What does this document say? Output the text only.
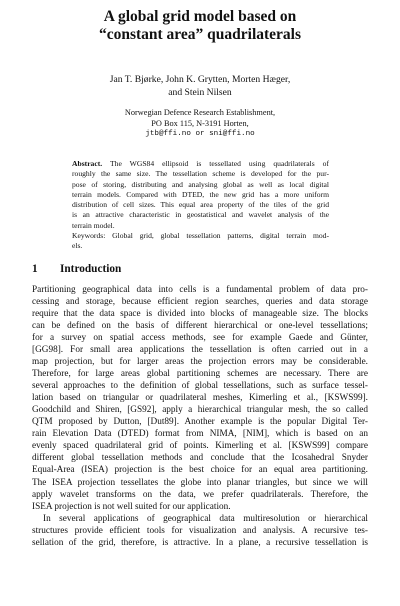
A global grid model based on
“constant area” quadrilaterals
Jan T. Bjørke, John K. Grytten, Morten Hæger,
and Stein Nilsen
Norwegian Defence Research Establishment,
PO Box 115, N-3191 Horten,
jtb@ffi.no or sni@ffi.no

Abstract. The WGS84 ellipsoid is tessellated using quadrilaterals of
roughly the same size. The tessellation scheme is developed for the pur-
pose of storing, distributing and analysing global as well as local digital
terrain models. Compared with DTED, the new grid has a more uniform
distribution of cell sizes. This equal area property of the tiles of the grid
is an attractive characteristic in geostatistical and wavelet analysis of the
terrain model.
Keywords: Global grid, global tessellation patterns, digital terrain mod-
els.

1 Introduction

Partitioning geographical data into cells is a fundamental problem of data pro-
cessing and storage, because efficient region searches, queries and data storage
require that the data space is divided into blocks of manageable size. The blocks
can be defined on the basis of different hierarchical or one-level tessellations;
for a survey on spatial access methods, see for example Gaede and Günter,
[GG98]. For small area applications the tessellation is often carried out in a
map projection, but for larger areas the projection errors may be considerable.
Therefore, for large areas global partitioning schemes are necessary. There are
several approaches to the definition of global tessellations, such as surface tessel-
lation based on triangular or quadrilateral meshes, Kimerling et al., [KSWS99].
Goodchild and Shiren, [GS92], apply a hierarchical triangular mesh, the so called
QTM proposed by Dutton, [Dut89]. Another example is the popular Digital Ter-
rain Elevation Data (DTED) format from NIMA, [NIM], which is based on an
evenly spaced quadrilateral grid of points. Kimerling et al. [KSWS99] compare
different global tessellation methods and conclude that the Icosahedral Snyder
Equal-Area (ISEA) projection is the best choice for an equal area partitioning.
The ISEA projection tessellates the globe into planar triangles, but since we will
apply wavelet transforms on the data, we prefer quadrilaterals. Therefore, the
ISEA projection is not well suited for our application.

In several applications of geographical data multiresolution or hierarchical
structures provide efficient tools for visualization and analysis. A recursive tes-
sellation of the grid, therefore, is attractive. In a plane, a recursive tessellation is
